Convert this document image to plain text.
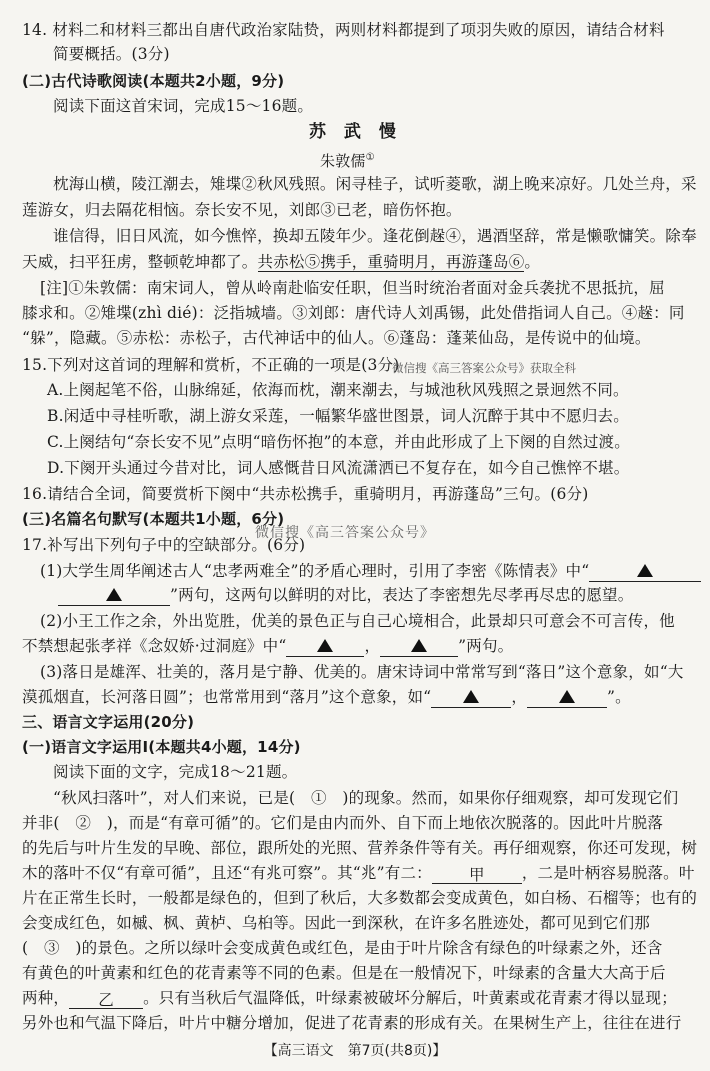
14. 材料二和材料三都出自唐代政治家陆贽，两则材料都提到了项羽失败的原因，请结合材料
简要概括。(3分)
(二)古代诗歌阅读(本题共2小题，9分)
阅读下面这首宋词，完成15～16题。
苏 武 慢
朱敦儒①
枕海山横，陵江潮去，雉堞②秋风残照。闲寻桂子，试听菱歌，湖上晚来凉好。几处兰舟，采
莲游女，归去隔花相恼。奈长安不见，刘郎③已老，暗伤怀抱。
谁信得，旧日风流，如今憔悴，换却五陵年少。逢花倒趓④，遇酒坚辞，常是懒歌慵笑。除奉
天威，扫平狂虏，整顿乾坤都了。共赤松⑤携手，重骑明月，再游蓬岛⑥。
[注]①朱敦儒：南宋词人，曾从岭南赴临安任职，但当时统治者面对金兵袭扰不思抵抗，屈
膝求和。②雉堞(zhì dié)：泛指城墙。③刘郎：唐代诗人刘禹锡，此处借指词人自己。④趓：同
“躲”，隐藏。⑤赤松：赤松子，古代神话中的仙人。⑥蓬岛：蓬莱仙岛，是传说中的仙境。
15.下列对这首词的理解和赏析，不正确的一项是(3分)
微信搜《高三答案公众号》获取全科
A.上阕起笔不俗，山脉绵延，依海而枕，潮来潮去，与城池秋风残照之景迥然不同。
B.闲适中寻桂听歌，湖上游女采莲，一幅繁华盛世图景，词人沉醉于其中不愿归去。
C.上阕结句“奈长安不见”点明“暗伤怀抱”的本意，并由此形成了上下阕的自然过渡。
D.下阕开头通过今昔对比，词人感慨昔日风流潇洒已不复存在，如今自己憔悴不堪。
16.请结合全词，简要赏析下阕中“共赤松携手，重骑明月，再游蓬岛”三句。(6分)
(三)名篇名句默写(本题共1小题，6分)
微信搜《高三答案公众号》
17.补写出下列句子中的空缺部分。(6分)
(1)大学生周华阐述古人“忠孝两难全”的矛盾心理时，引用了李密《陈情表》中“
”两句，这两句以鲜明的对比，表达了李密想先尽孝再尽忠的愿望。
(2)小王工作之余，外出览胜，优美的景色正与自己心境相合，此景却只可意会不可言传，他
不禁想起张孝祥《念奴娇·过洞庭》中“	，	”两句。
(3)落日是雄浑、壮美的，落月是宁静、优美的。唐宋诗词中常常写到“落日”这个意象，如“大
漠孤烟直，长河落日圆”；也常常用到“落月”这个意象，如“	，	”。
三、语言文字运用(20分)
(一)语言文字运用Ⅰ(本题共4小题，14分)
阅读下面的文字，完成18～21题。
“秋风扫落叶”，对人们来说，已是(　①　)的现象。然而，如果你仔细观察，却可发现它们
并非(　②　)，而是“有章可循”的。它们是由内而外、自下而上地依次脱落的。因此叶片脱落
的先后与叶片生发的早晚、部位，跟所处的光照、营养条件等有关。再仔细观察，你还可发现，树
木的落叶不仅“有章可循”，且还“有兆可察”。其“兆”有二： 甲 ，二是叶柄容易脱落。叶
片在正常生长时，一般都是绿色的，但到了秋后，大多数都会变成黄色，如白杨、石榴等；也有的
会变成红色，如槭、枫、黄栌、乌桕等。因此一到深秋，在许多名胜迹处，都可见到它们那
(　③　)的景色。之所以绿叶会变成黄色或红色，是由于叶片除含有绿色的叶绿素之外，还含
有黄色的叶黄素和红色的花青素等不同的色素。但是在一般情况下，叶绿素的含量大大高于后
两种， 乙 。只有当秋后气温降低，叶绿素被破坏分解后，叶黄素或花青素才得以显现；
另外也和气温下降后，叶片中糖分增加，促进了花青素的形成有关。在果树生产上，往往在进行
【高三语文　第7页(共8页)】
